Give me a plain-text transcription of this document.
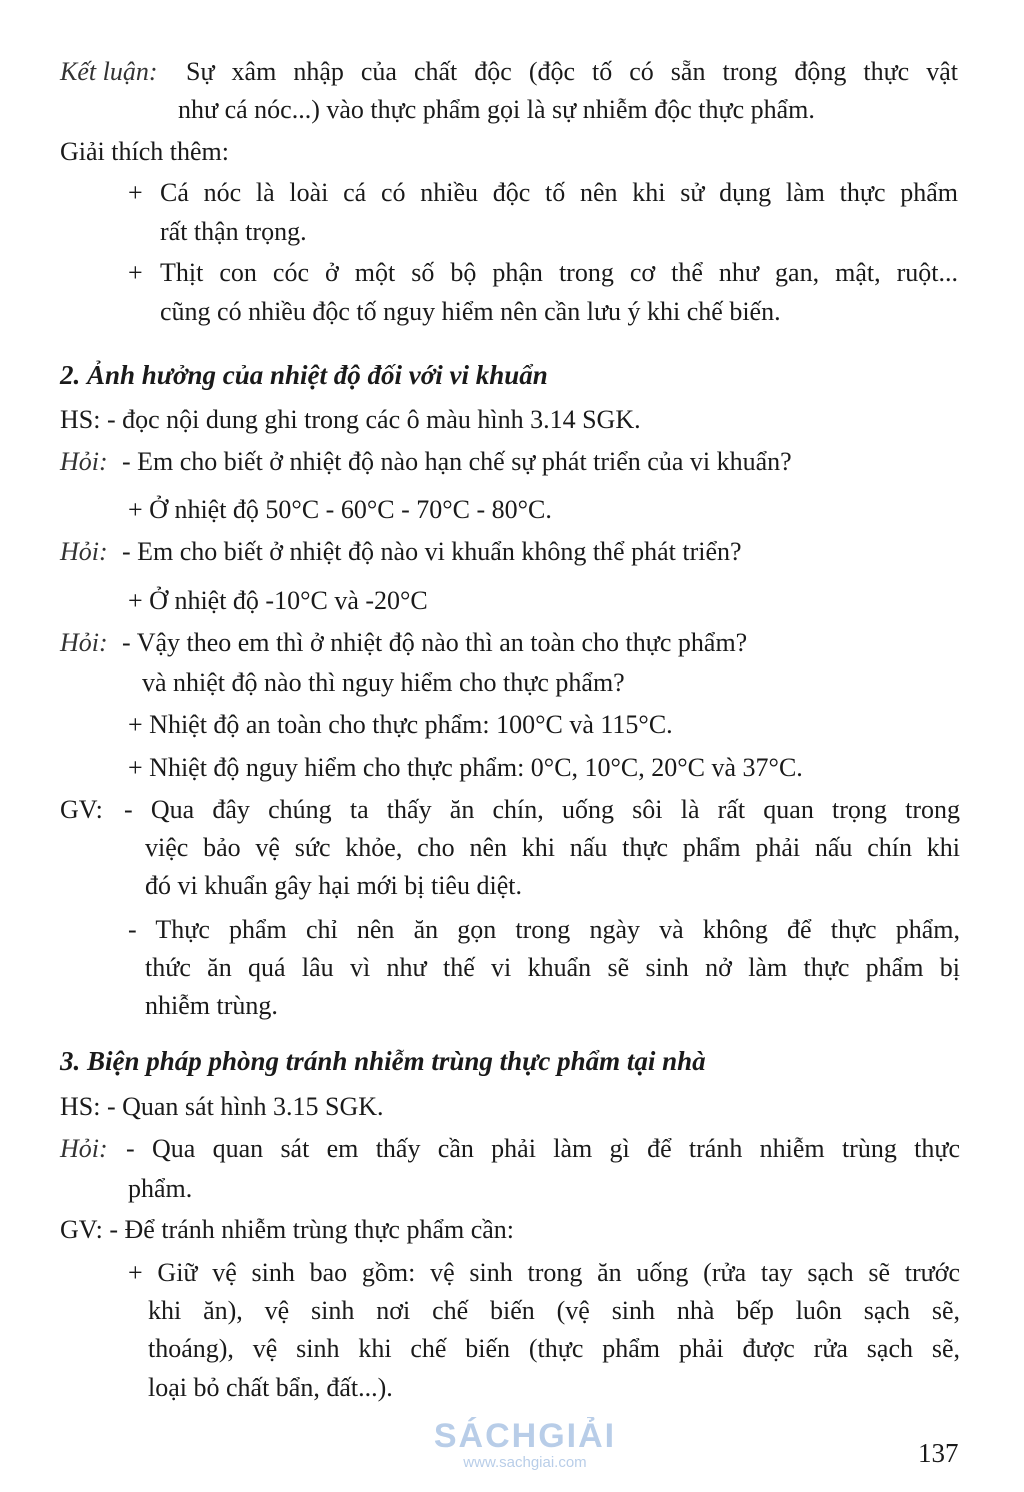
SÁCHGIẢI
www.sachgiai.com
Kết luận: Sự xâm nhập của chất độc (độc tố có sẵn trong động thực vật
như cá nóc...) vào thực phẩm gọi là sự nhiễm độc thực phẩm.
Giải thích thêm:
+ Cá nóc là loài cá có nhiều độc tố nên khi sử dụng làm thực phẩm
rất thận trọng.
+ Thịt con cóc ở một số bộ phận trong cơ thể như gan, mật, ruột...
cũng có nhiều độc tố nguy hiểm nên cần lưu ý khi chế biến.
2. Ảnh hưởng của nhiệt độ đối với vi khuẩn
HS: - đọc nội dung ghi trong các ô màu hình 3.14 SGK.
Hỏi: - Em cho biết ở nhiệt độ nào hạn chế sự phát triển của vi khuẩn?
+ Ở nhiệt độ 50°C - 60°C - 70°C - 80°C.
Hỏi: - Em cho biết ở nhiệt độ nào vi khuẩn không thể phát triển?
+ Ở nhiệt độ -10°C và -20°C
Hỏi: - Vậy theo em thì ở nhiệt độ nào thì an toàn cho thực phẩm?
và nhiệt độ nào thì nguy hiểm cho thực phẩm?
+ Nhiệt độ an toàn cho thực phẩm: 100°C và 115°C.
+ Nhiệt độ nguy hiểm cho thực phẩm: 0°C, 10°C, 20°C và 37°C.
GV: - Qua đây chúng ta thấy ăn chín, uống sôi là rất quan trọng trong
việc bảo vệ sức khỏe, cho nên khi nấu thực phẩm phải nấu chín khi
đó vi khuẩn gây hại mới bị tiêu diệt.
- Thực phẩm chỉ nên ăn gọn trong ngày và không để thực phẩm,
thức ăn quá lâu vì như thế vi khuẩn sẽ sinh nở làm thực phẩm bị
nhiễm trùng.
3. Biện pháp phòng tránh nhiễm trùng thực phẩm tại nhà
HS: - Quan sát hình 3.15 SGK.
Hỏi: - Qua quan sát em thấy cần phải làm gì để tránh nhiễm trùng thực
phẩm.
GV: - Để tránh nhiễm trùng thực phẩm cần:
+ Giữ vệ sinh bao gồm: vệ sinh trong ăn uống (rửa tay sạch sẽ trước
khi ăn), vệ sinh nơi chế biến (vệ sinh nhà bếp luôn sạch sẽ,
thoáng), vệ sinh khi chế biến (thực phẩm phải được rửa sạch sẽ,
loại bỏ chất bẩn, đất...).
137
